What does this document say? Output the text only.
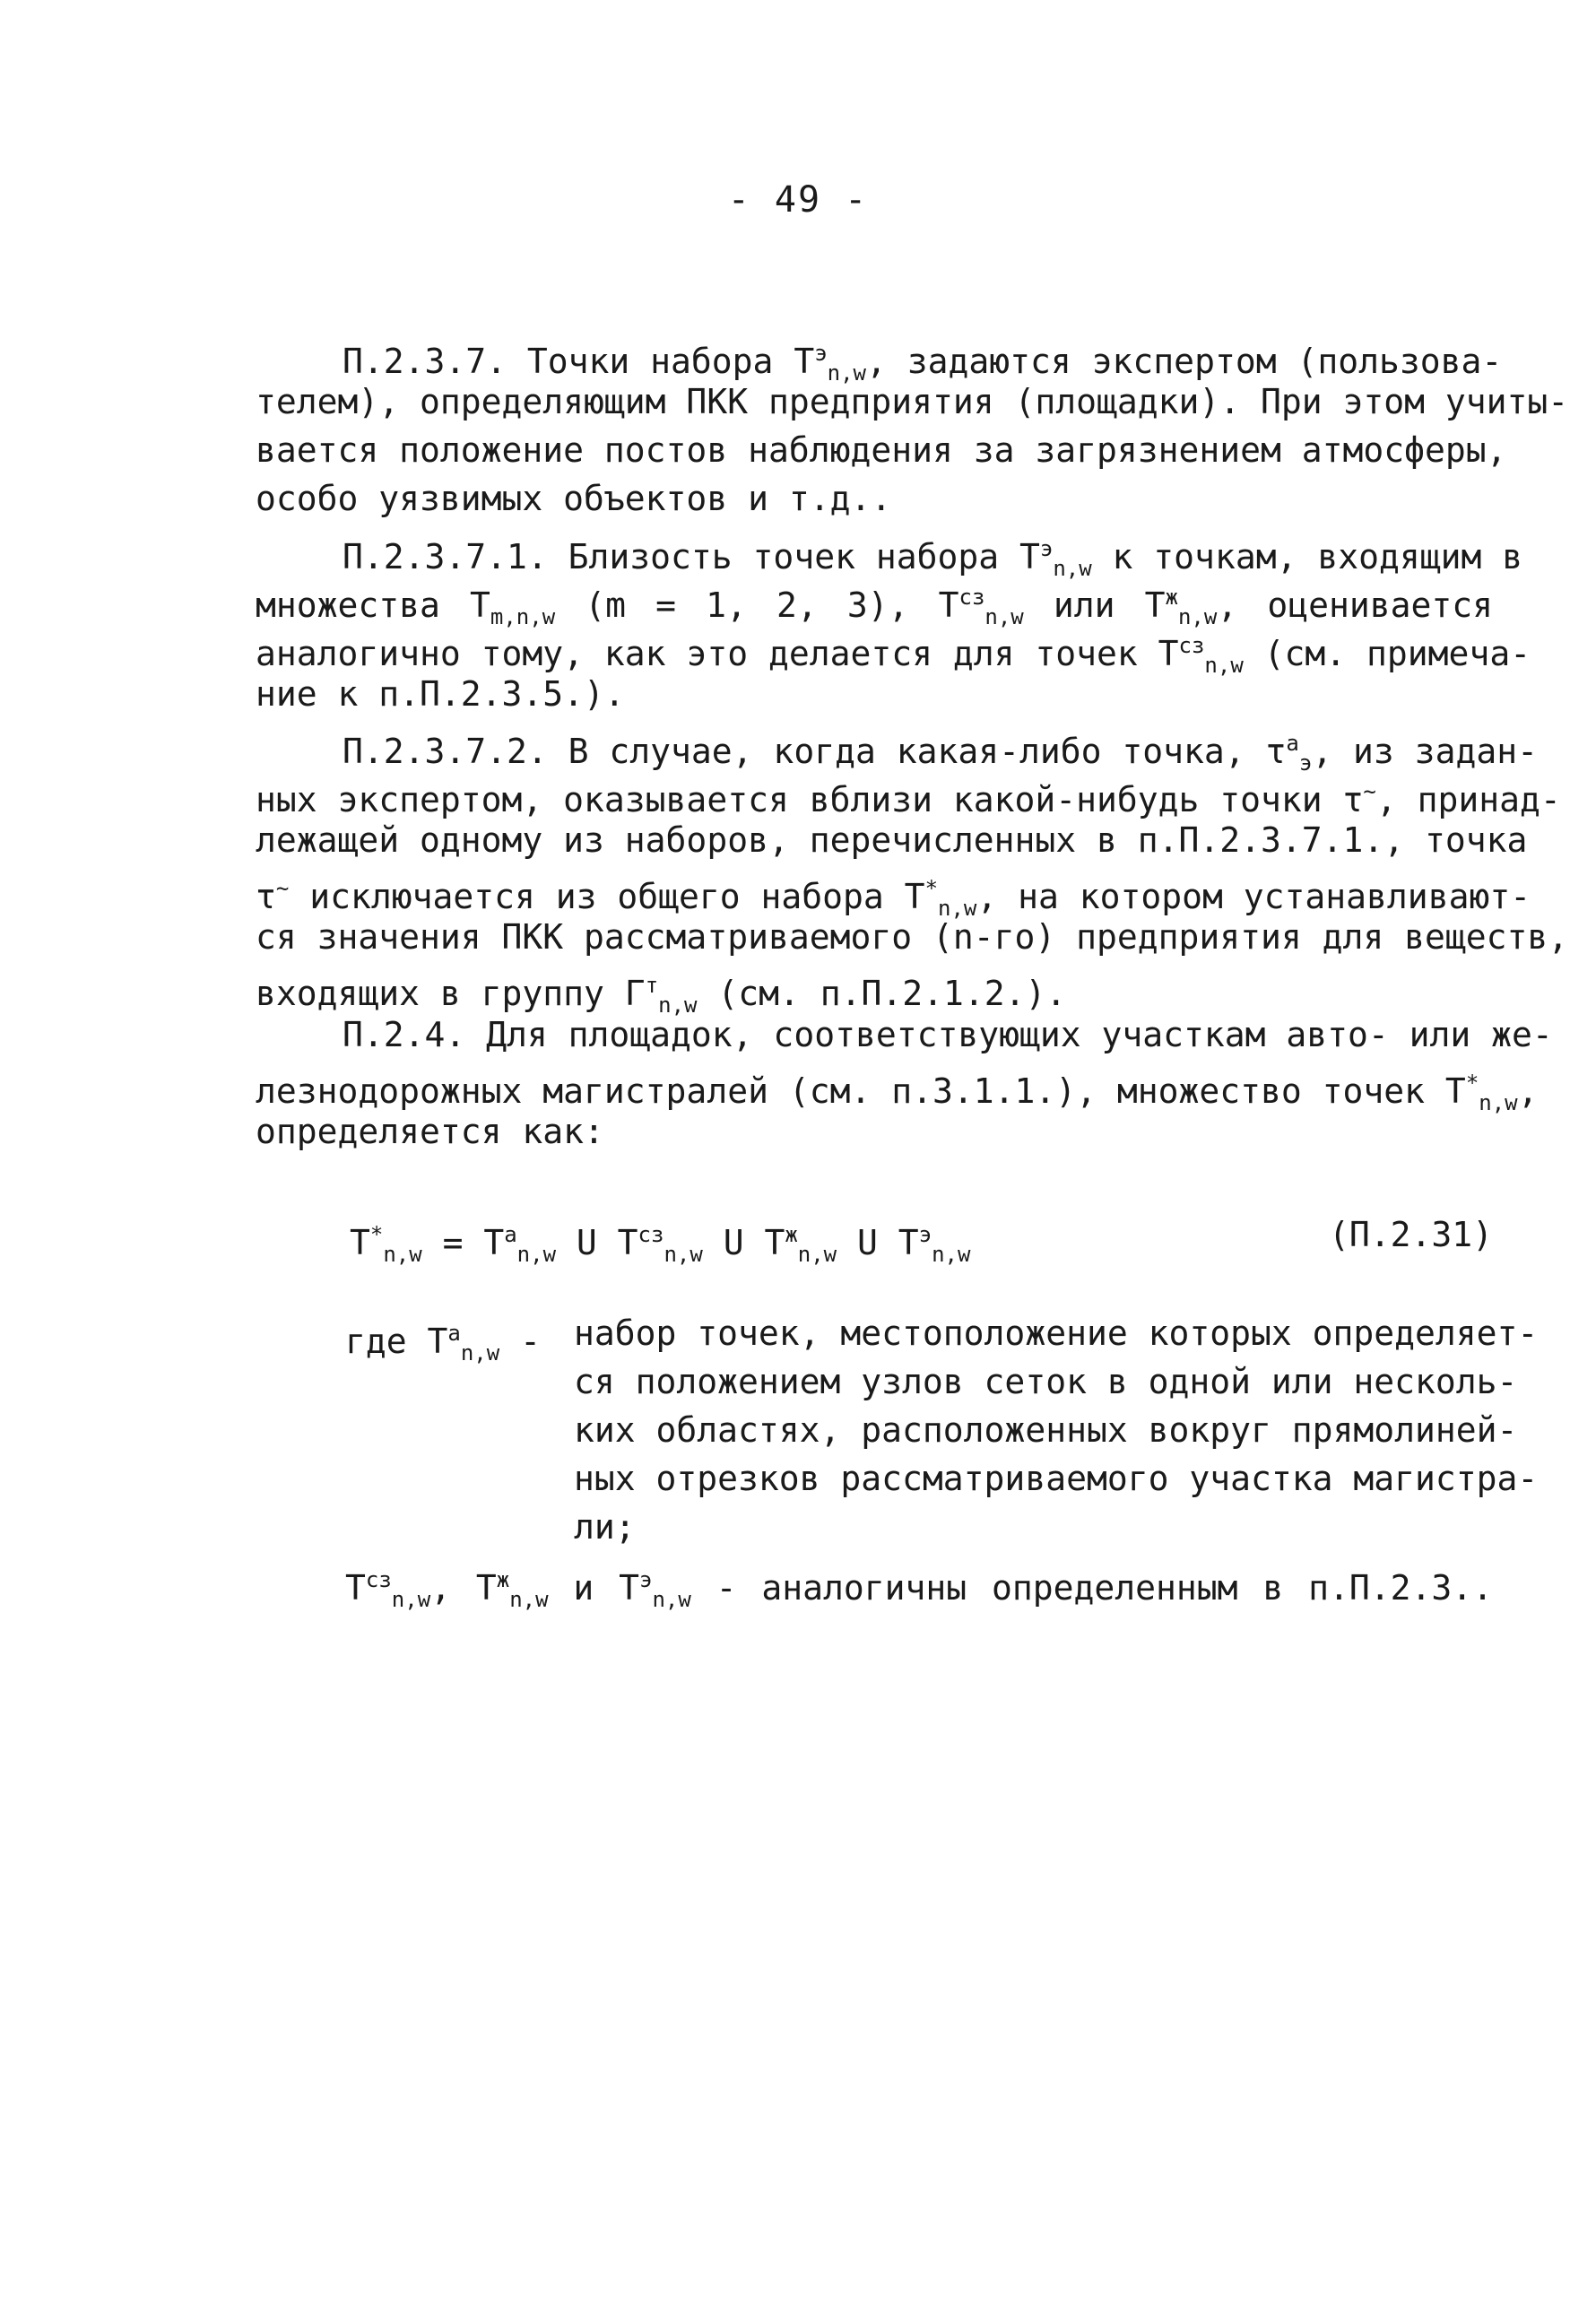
- 49 -
П.2.3.7. Точки набора $Т^э_{n,w}$, задаются экспертом (пользова-
телем), определяющим ПКК предприятия (площадки). При этом учиты-
вается положение постов наблюдения за загрязнением атмосферы,
особо уязвимых объектов и т.д..
П.2.3.7.1. Близость точек набора $Т^э_{n,w}$ к точкам, входящим в
множества $Т_{m,n,w}$ (m = 1, 2, 3), $Т^{сз}_{n,w}$ или $Т^ж_{n,w}$, оценивается
аналогично тому, как это делается для точек $Т^{сз}_{n,w}$ (см. примеча-
ние к п.П.2.3.5.).
П.2.3.7.2. В случае, когда какая-либо точка, $\tau^a_э$, из задан-
ных экспертом, оказывается вблизи какой-нибудь точки τ~, принад-
лежащей одному из наборов, перечисленных в п.П.2.3.7.1., точка
τ~ исключается из общего набора $Т^*_{n,w}$, на котором устанавливают-
ся значения ПКК рассматриваемого (n-го) предприятия для веществ,
входящих в группу $Г^т_{n,w}$ (см. п.П.2.1.2.).
П.2.4. Для площадок, соответствующих участкам авто- или же-
лезнодорожных магистралей (см. п.3.1.1.), множество точек $Т^*_{n,w}$,
определяется как:
$Т^*_{n,w} = Т^a_{n,w}$ U $Т^{сз}_{n,w}$ U $Т^ж_{n,w}$ U $Т^э_{n,w}$	(П.2.31)
где $Т^a_{n,w}$ - набор точек, местоположение которых определяет-
ся положением узлов сеток в одной или несколь-
ких областях, расположенных вокруг прямолиней-
ных отрезков рассматриваемого участка магистра-
ли;
$Т^{сз}_{n,w}$, $Т^ж_{n,w}$ и $Т^э_{n,w}$ - аналогичны определенным в п.П.2.3..
